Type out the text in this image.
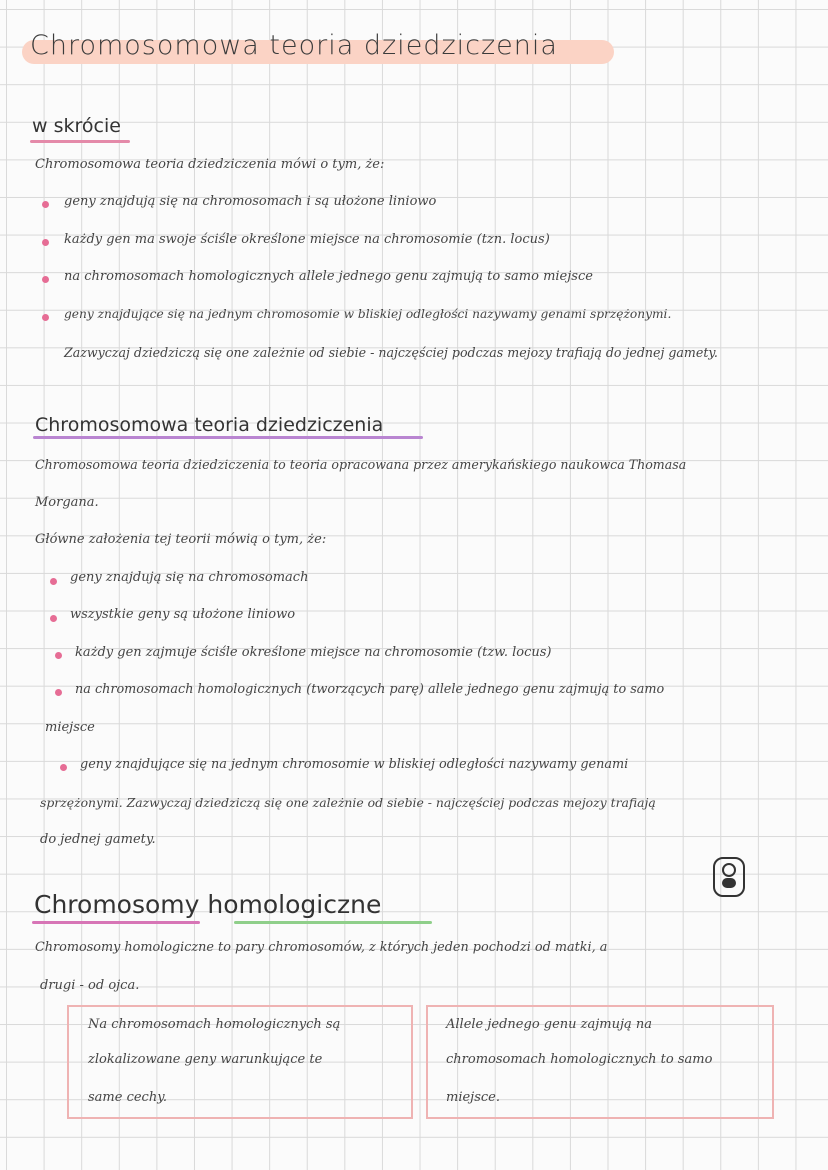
Chromosomowa teoria dziedziczenia
w skrócie
Chromosomowa teoria dziedziczenia mówi o tym, że:
geny znajdują się na chromosomach i są ułożone liniowo
każdy gen ma swoje ściśle określone miejsce na chromosomie (tzn. locus)
na chromosomach homologicznych allele jednego genu zajmują to samo miejsce
geny znajdujące się na jednym chromosomie w bliskiej odległości nazywamy genami sprzężonymi.
Zazwyczaj dziedziczą się one zależnie od siebie - najczęściej podczas mejozy trafiają do jednej gamety.
Chromosomowa teoria dziedziczenia
Chromosomowa teoria dziedziczenia to teoria opracowana przez amerykańskiego naukowca Thomasa
Morgana.
Główne założenia tej teorii mówią o tym, że:
geny znajdują się na chromosomach
wszystkie geny są ułożone liniowo
każdy gen zajmuje ściśle określone miejsce na chromosomie (tzw. locus)
na chromosomach homologicznych (tworzących parę) allele jednego genu zajmują to samo
miejsce
geny znajdujące się na jednym chromosomie w bliskiej odległości nazywamy genami
sprzężonymi. Zazwyczaj dziedziczą się one zależnie od siebie - najczęściej podczas mejozy trafiają
do jednej gamety.
Chromosomy homologiczne
Chromosomy homologiczne to pary chromosomów, z których jeden pochodzi od matki, a
drugi - od ojca.
Na chromosomach homologicznych są
zlokalizowane geny warunkujące te
same cechy.
Allele jednego genu zajmują na
chromosomach homologicznych to samo
miejsce.
